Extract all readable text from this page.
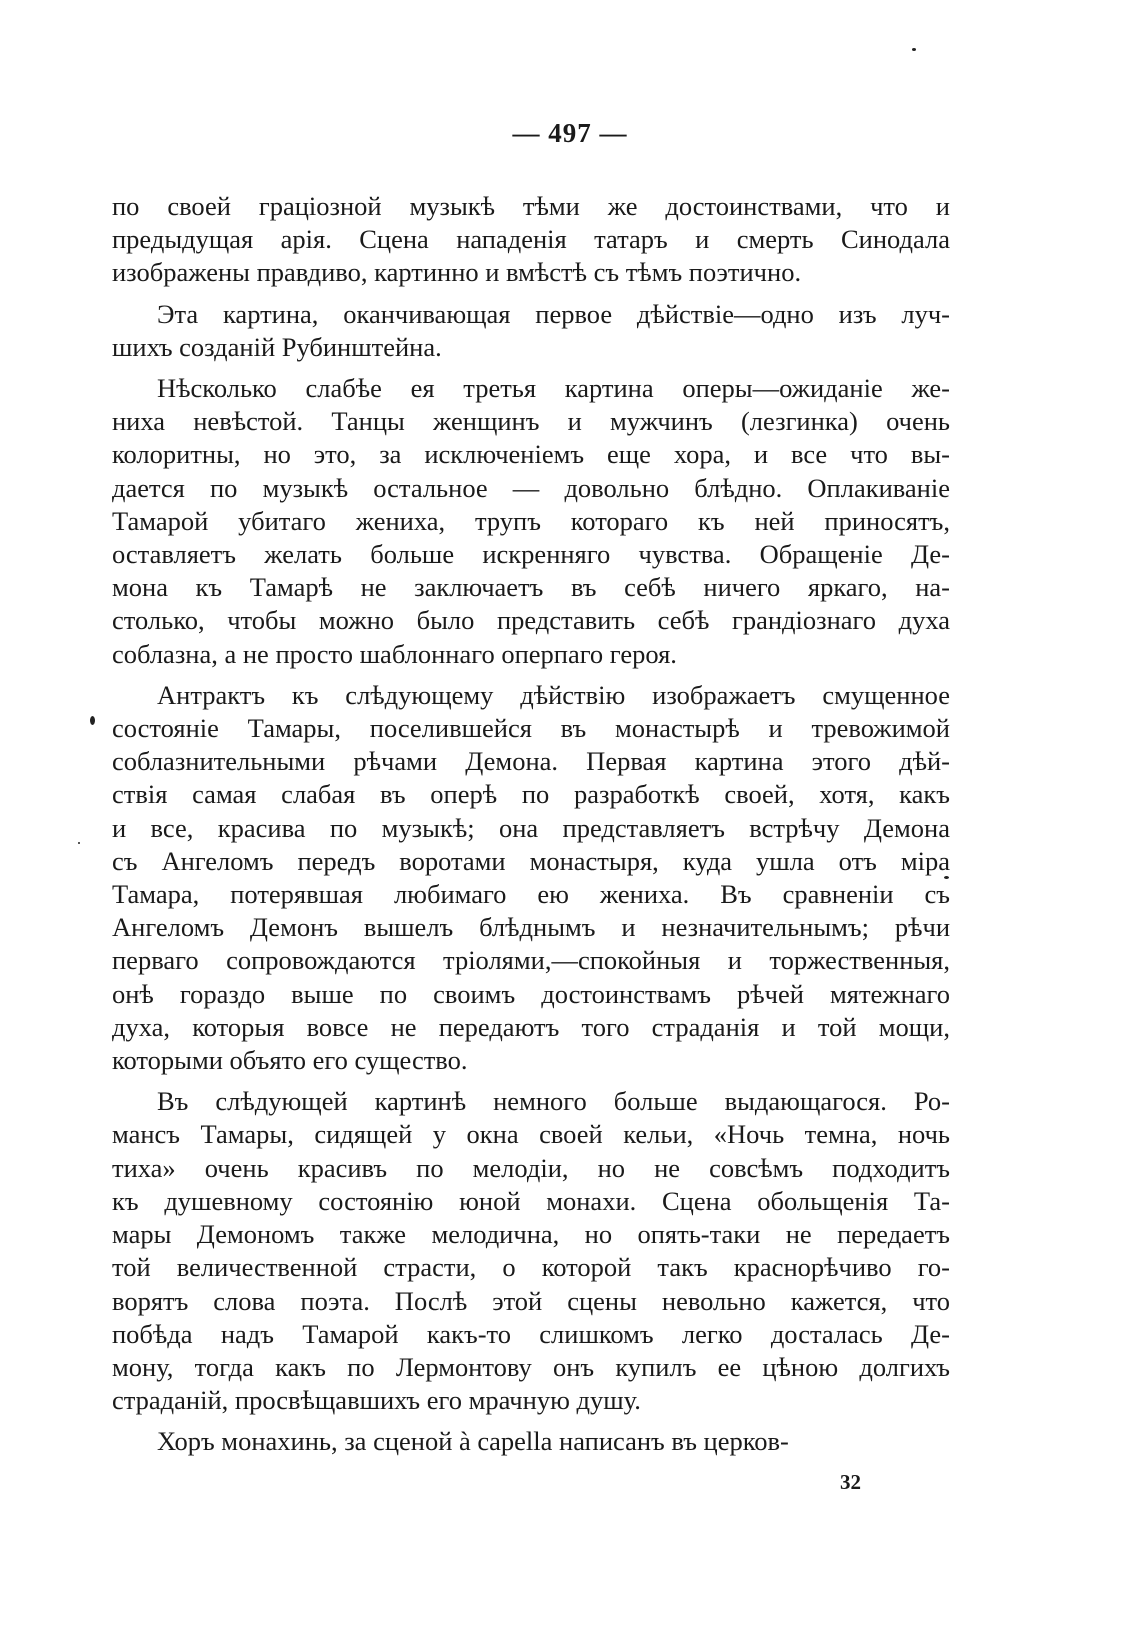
— 497 —
по своей граціозной музыкѣ тѣми же достоинствами, что и
предыдущая арія. Сцена нападенія татаръ и смерть Синодала
изображены правдиво, картинно и вмѣстѣ съ тѣмъ поэтично.
Эта картина, оканчивающая первое дѣйствіе—одно изъ луч-
шихъ созданій Рубинштейна.
Нѣсколько слабѣе ея третья картина оперы—ожиданіе же-
ниха невѣстой. Танцы женщинъ и мужчинъ (лезгинка) очень
колоритны, но это, за исключеніемъ еще хора, и все что вы-
дается по музыкѣ остальное — довольно блѣдно. Оплакиваніе
Тамарой убитаго жениха, трупъ котораго къ ней приносятъ,
оставляетъ желать больше искренняго чувства. Обращеніе Де-
мона къ Тамарѣ не заключаетъ въ себѣ ничего яркаго, на-
столько, чтобы можно было представить себѣ грандіознаго духа
соблазна, а не просто шаблоннаго оперпаго героя.
Антрактъ къ слѣдующему дѣйствію изображаетъ смущенное
состояніе Тамары, поселившейся въ монастырѣ и тревожимой
соблазнительными рѣчами Демона. Первая картина этого дѣй-
ствія самая слабая въ оперѣ по разработкѣ своей, хотя, какъ
и все, красива по музыкѣ; она представляетъ встрѣчу Демона
съ Ангеломъ передъ воротами монастыря, куда ушла отъ міра
Тамара, потерявшая любимаго ею жениха. Въ сравненіи съ
Ангеломъ Демонъ вышелъ блѣднымъ и незначительнымъ; рѣчи
перваго сопровождаются тріолями,—спокойныя и торжественныя,
онѣ гораздо выше по своимъ достоинствамъ рѣчей мятежнаго
духа, которыя вовсе не передаютъ того страданія и той мощи,
которыми объято его существо.
Въ слѣдующей картинѣ немного больше выдающагося. Ро-
мансъ Тамары, сидящей у окна своей кельи, «Ночь темна, ночь
тиха» очень красивъ по мелодіи, но не совсѣмъ подходитъ
къ душевному состоянію юной монахи. Сцена обольщенія Та-
мары Демономъ также мелодична, но опять-таки не передаетъ
той величественной страсти, о которой такъ краснорѣчиво го-
ворятъ слова поэта. Послѣ этой сцены невольно кажется, что
побѣда надъ Тамарой какъ-то слишкомъ легко досталась Де-
мону, тогда какъ по Лермонтову онъ купилъ ее цѣною долгихъ
страданій, просвѣщавшихъ его мрачную душу.
Хоръ монахинь, за сценой à capella написанъ въ церков-
32
